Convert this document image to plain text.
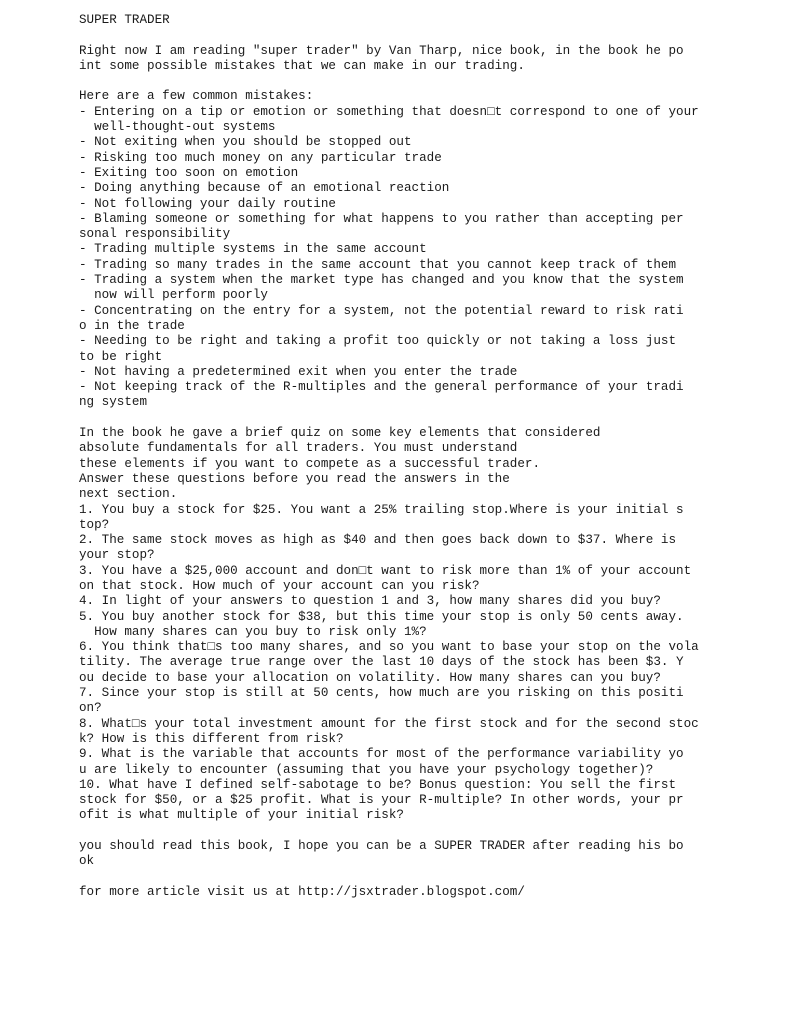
SUPER TRADER
Right now I am reading "super trader" by Van Tharp, nice book, in the book he po
int some possible mistakes that we can make in our trading.
Here are a few common mistakes:
- Entering on a tip or emotion or something that doesn□t correspond to one of your
well-thought-out systems
- Not exiting when you should be stopped out
- Risking too much money on any particular trade
- Exiting too soon on emotion
- Doing anything because of an emotional reaction
- Not following your daily routine
- Blaming someone or something for what happens to you rather than accepting per
sonal responsibility
- Trading multiple systems in the same account
- Trading so many trades in the same account that you cannot keep track of them
- Trading a system when the market type has changed and you know that the system
now will perform poorly
- Concentrating on the entry for a system, not the potential reward to risk rati
o in the trade
- Needing to be right and taking a profit too quickly or not taking a loss just
to be right
- Not having a predetermined exit when you enter the trade
- Not keeping track of the R-multiples and the general performance of your tradi
ng system
In the book he gave a brief quiz on some key elements that considered
absolute fundamentals for all traders. You must understand
these elements if you want to compete as a successful trader.
Answer these questions before you read the answers in the
next section.
1. You buy a stock for $25. You want a 25% trailing stop.Where is your initial s
top?
2. The same stock moves as high as $40 and then goes back down to $37. Where is
your stop?
3. You have a $25,000 account and don□t want to risk more than 1% of your account
on that stock. How much of your account can you risk?
4. In light of your answers to question 1 and 3, how many shares did you buy?
5. You buy another stock for $38, but this time your stop is only 50 cents away.
How many shares can you buy to risk only 1%?
6. You think that□s too many shares, and so you want to base your stop on the vola
tility. The average true range over the last 10 days of the stock has been $3. Y
ou decide to base your allocation on volatility. How many shares can you buy?
7. Since your stop is still at 50 cents, how much are you risking on this positi
on?
8. What□s your total investment amount for the first stock and for the second stoc
k? How is this different from risk?
9. What is the variable that accounts for most of the performance variability yo
u are likely to encounter (assuming that you have your psychology together)?
10. What have I defined self-sabotage to be? Bonus question: You sell the first
stock for $50, or a $25 profit. What is your R-multiple? In other words, your pr
ofit is what multiple of your initial risk?
you should read this book, I hope you can be a SUPER TRADER after reading his bo
ok
for more article visit us at http://jsxtrader.blogspot.com/
